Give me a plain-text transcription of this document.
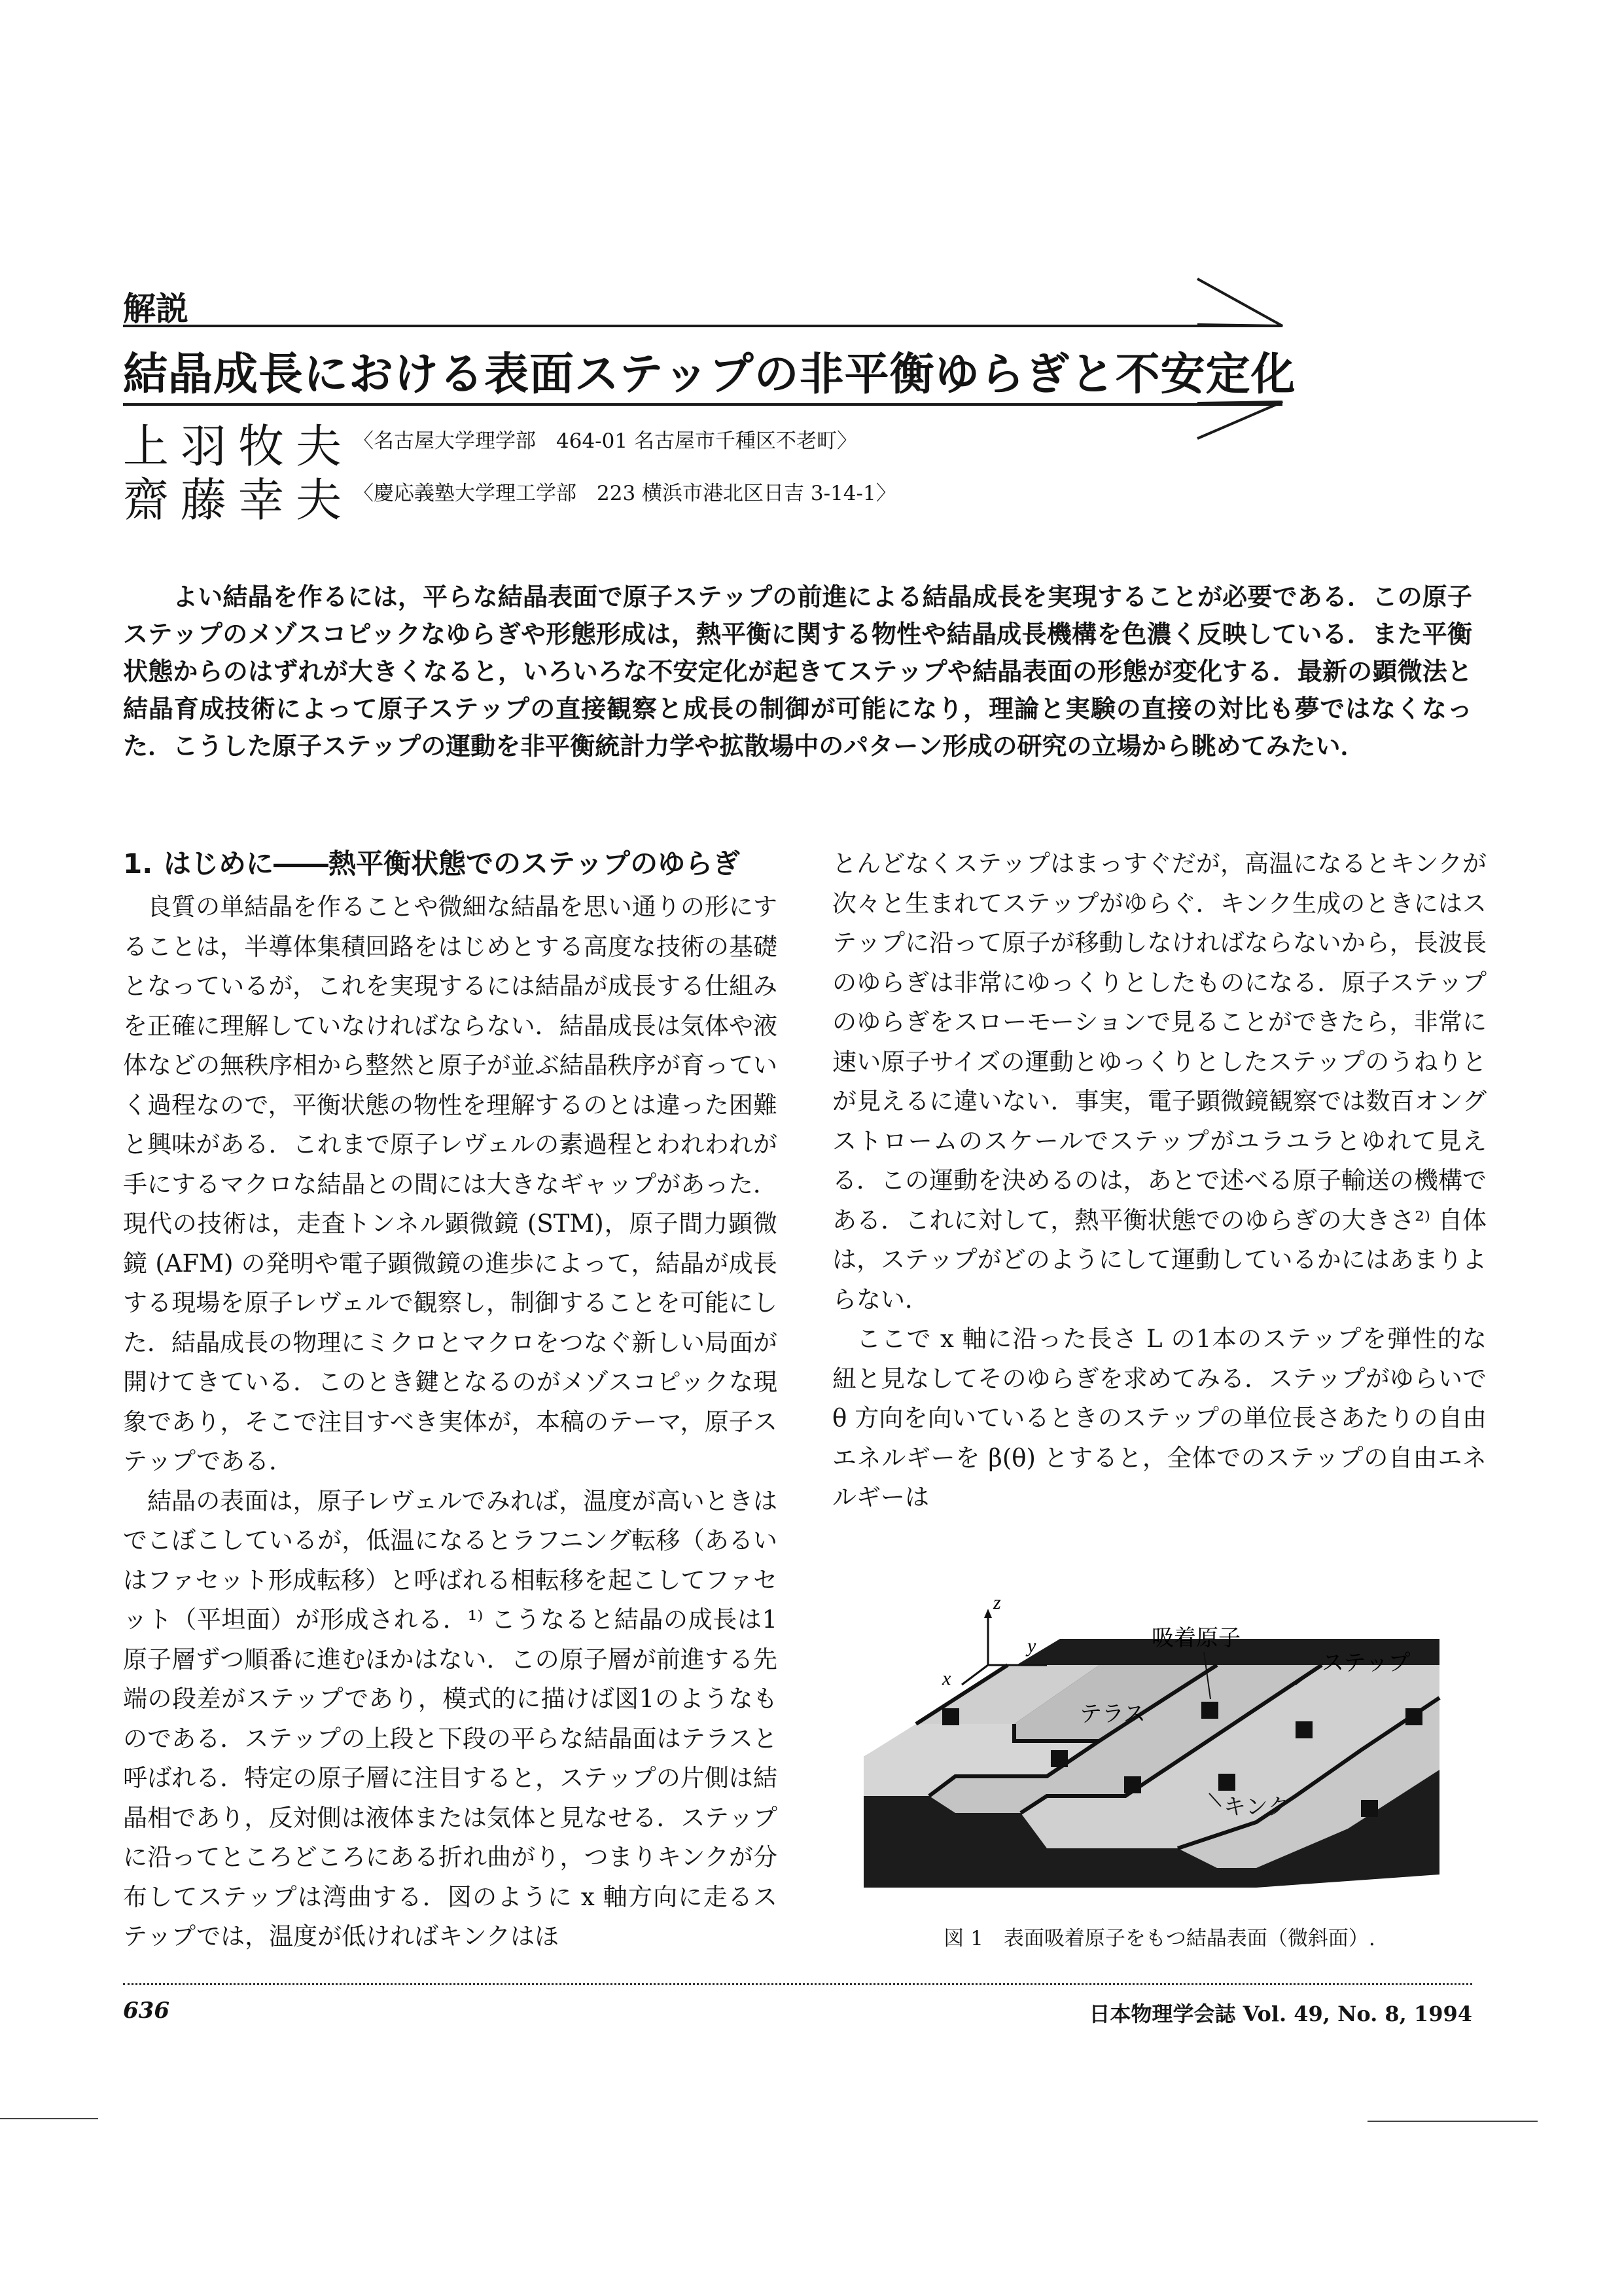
解説
結晶成長における表面ステップの非平衡ゆらぎと不安定化
上羽牧夫 〈名古屋大学理学部　464-01 名古屋市千種区不老町〉
齋藤幸夫 〈慶応義塾大学理工学部　223 横浜市港北区日吉 3-14-1〉
よい結晶を作るには，平らな結晶表面で原子ステップの前進による結晶成長を実現することが必要である．この原子ステップのメゾスコピックなゆらぎや形態形成は，熱平衡に関する物性や結晶成長機構を色濃く反映している．また平衡状態からのはずれが大きくなると，いろいろな不安定化が起きてステップや結晶表面の形態が変化する．最新の顕微法と結晶育成技術によって原子ステップの直接観察と成長の制御が可能になり，理論と実験の直接の対比も夢ではなくなった．こうした原子ステップの運動を非平衡統計力学や拡散場中のパターン形成の研究の立場から眺めてみたい．
1. はじめに――熱平衡状態でのステップのゆらぎ

良質の単結晶を作ることや微細な結晶を思い通りの形にすることは，半導体集積回路をはじめとする高度な技術の基礎となっているが，これを実現するには結晶が成長する仕組みを正確に理解していなければならない．結晶成長は気体や液体などの無秩序相から整然と原子が並ぶ結晶秩序が育っていく過程なので，平衡状態の物性を理解するのとは違った困難と興味がある．これまで原子レヴェルの素過程とわれわれが手にするマクロな結晶との間には大きなギャップがあった．現代の技術は，走査トンネル顕微鏡 (STM)，原子間力顕微鏡 (AFM) の発明や電子顕微鏡の進歩によって，結晶が成長する現場を原子レヴェルで観察し，制御することを可能にした．結晶成長の物理にミクロとマクロをつなぐ新しい局面が開けてきている．このとき鍵となるのがメゾスコピックな現象であり，そこで注目すべき実体が，本稿のテーマ，原子ステップである．

結晶の表面は，原子レヴェルでみれば，温度が高いときはでこぼこしているが，低温になるとラフニング転移（あるいはファセット形成転移）と呼ばれる相転移を起こしてファセット（平坦面）が形成される．¹⁾ こうなると結晶の成長は1原子層ずつ順番に進むほかはない．この原子層が前進する先端の段差がステップであり，模式的に描けば図1のようなものである．ステップの上段と下段の平らな結晶面はテラスと呼ばれる．特定の原子層に注目すると，ステップの片側は結晶相であり，反対側は液体または気体と見なせる．ステップに沿ってところどころにある折れ曲がり，つまりキンクが分布してステップは湾曲する．図のように x 軸方向に走るステップでは，温度が低ければキンクはほ

とんどなくステップはまっすぐだが，高温になるとキンクが次々と生まれてステップがゆらぐ．キンク生成のときにはステップに沿って原子が移動しなければならないから，長波長のゆらぎは非常にゆっくりとしたものになる．原子ステップのゆらぎをスローモーションで見ることができたら，非常に速い原子サイズの運動とゆっくりとしたステップのうねりとが見えるに違いない．事実，電子顕微鏡観察では数百オングストロームのスケールでステップがユラユラとゆれて見える．この運動を決めるのは，あとで述べる原子輸送の機構である．これに対して，熱平衡状態でのゆらぎの大きさ²⁾ 自体は，ステップがどのようにして運動しているかにはあまりよらない．

ここで x 軸に沿った長さ L の1本のステップを弾性的な紐と見なしてそのゆらぎを求めてみる．ステップがゆらいで θ 方向を向いているときのステップの単位長さあたりの自由エネルギーを β(θ) とすると，全体でのステップの自由エネルギーは

z
y
x
吸着原子
ステップ
テラス
キンク
図 1　表面吸着原子をもつ結晶表面（微斜面）.
636	日本物理学会誌 Vol. 49, No. 8, 1994
